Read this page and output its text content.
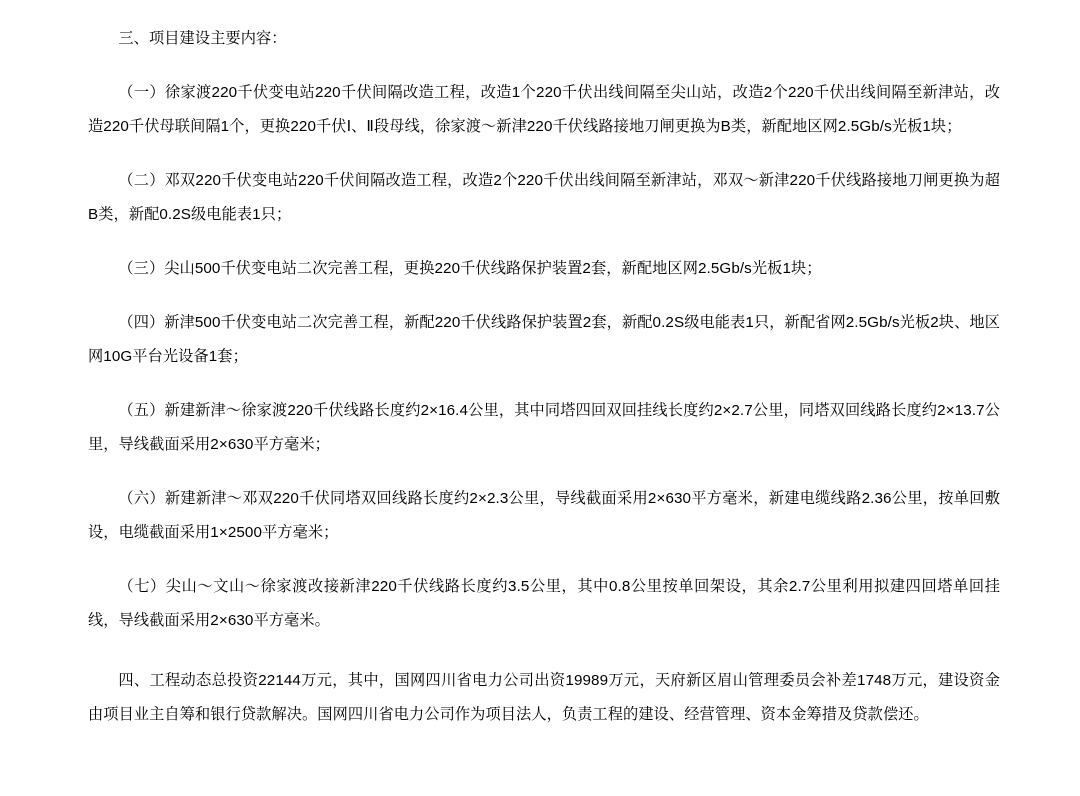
三、项目建设主要内容：

（一）徐家渡220千伏变电站220千伏间隔改造工程，改造1个220千伏出线间隔至尖山站，改造2个220千伏出线间隔至新津站，改造220千伏母联间隔1个，更换220千伏Ⅰ、Ⅱ段母线，徐家渡～新津220千伏线路接地刀闸更换为B类，新配地区网2.5Gb/s光板1块；

（二）邓双220千伏变电站220千伏间隔改造工程，改造2个220千伏出线间隔至新津站，邓双～新津220千伏线路接地刀闸更换为超B类，新配0.2S级电能表1只；

（三）尖山500千伏变电站二次完善工程，更换220千伏线路保护装置2套，新配地区网2.5Gb/s光板1块；

（四）新津500千伏变电站二次完善工程，新配220千伏线路保护装置2套，新配0.2S级电能表1只，新配省网2.5Gb/s光板2块、地区网10G平台光设备1套；

（五）新建新津～徐家渡220千伏线路长度约2×16.4公里，其中同塔四回双回挂线长度约2×2.7公里，同塔双回线路长度约2×13.7公里，导线截面采用2×630平方毫米；

（六）新建新津～邓双220千伏同塔双回线路长度约2×2.3公里，导线截面采用2×630平方毫米，新建电缆线路2.36公里，按单回敷设，电缆截面采用1×2500平方毫米；

（七）尖山～文山～徐家渡改接新津220千伏线路长度约3.5公里，其中0.8公里按单回架设，其余2.7公里利用拟建四回塔单回挂线，导线截面采用2×630平方毫米。

四、工程动态总投资22144万元，其中，国网四川省电力公司出资19989万元，天府新区眉山管理委员会补差1748万元，建设资金由项目业主自筹和银行贷款解决。国网四川省电力公司作为项目法人，负责工程的建设、经营管理、资本金筹措及贷款偿还。
